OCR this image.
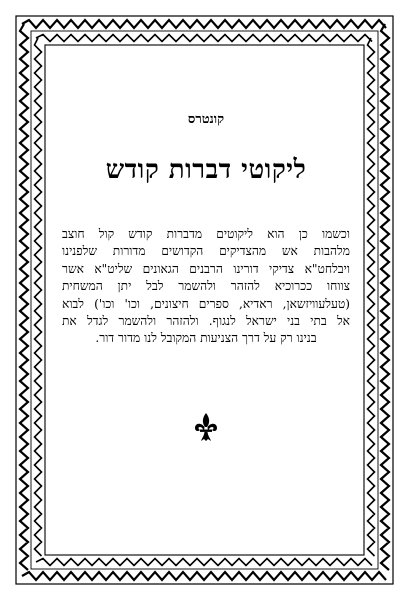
קונטרס

ליקוטי דברות קודש
וכשמו כן הוא ליקוטים מדברות קודש קול חוצב
מלהבות אש מהצדיקים הקדושים מדורות שלפנינו
ויבלחט"א צדיקי דורינו הרבנים הגאונים שליט"א אשר
צווחו ככרוכיא להזהר ולהשמר לבל יתן המשחית
(טעלעוויזשאן, ראדיא, ספרים חיצונים, וכו' וכו') לבוא
אל בתי בני ישראל לנגוף. ולהזהר ולהשמר לגדל את
בנינו רק על דרך הצניעות המקובל לנו מדור דור.
